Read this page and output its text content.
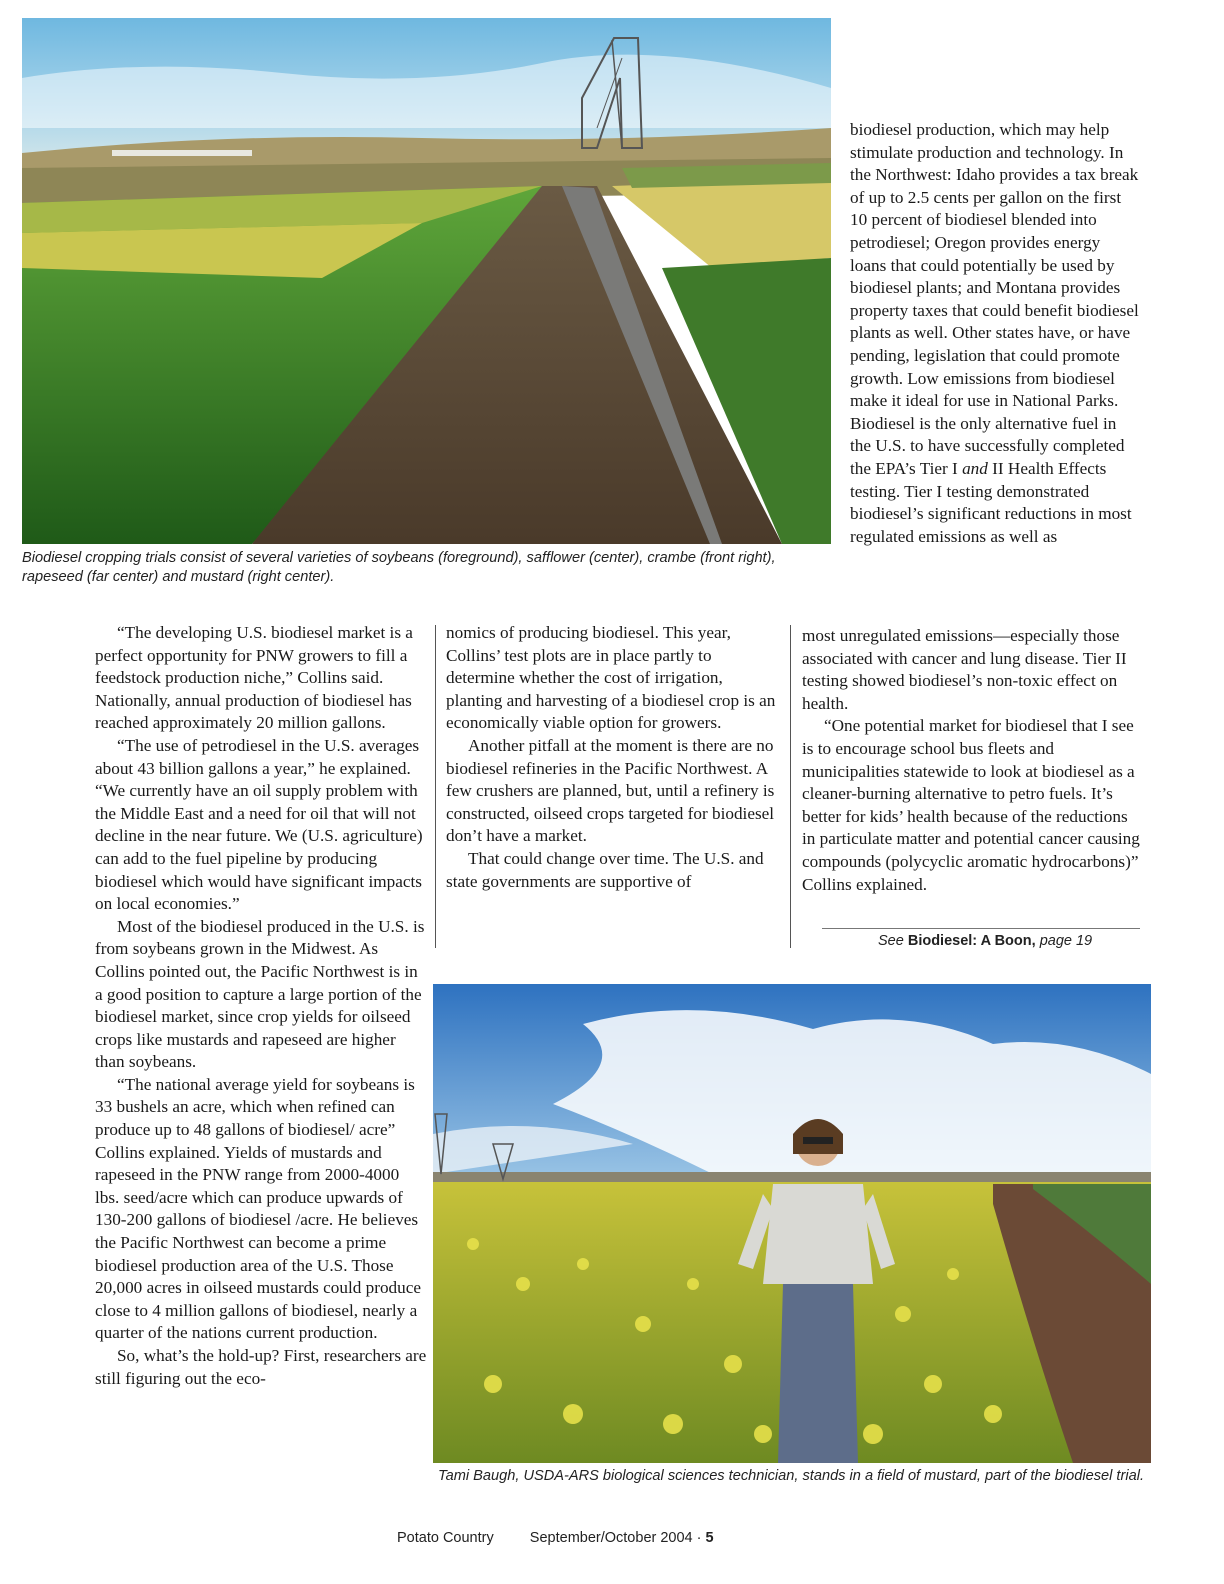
Biodiesel cropping trials consist of several varieties of soybeans (foreground), safflower (center), crambe (front right), rapeseed (far center) and mustard (right center).

“The developing U.S. biodiesel market is a perfect opportunity for PNW growers to fill a feedstock production niche,” Collins said. Nationally, annual production of biodiesel has reached approximately 20 million gallons.

“The use of petrodiesel in the U.S. averages about 43 billion gallons a year,” he explained. “We currently have an oil supply problem with the Middle East and a need for oil that will not decline in the near future. We (U.S. agriculture) can add to the fuel pipeline by producing biodiesel which would have significant impacts on local economies.”

Most of the biodiesel produced in the U.S. is from soybeans grown in the Midwest. As Collins pointed out, the Pacific Northwest is in a good position to capture a large portion of the biodiesel market, since crop yields for oilseed crops like mustards and rapeseed are higher than soybeans.

“The national average yield for soybeans is 33 bushels an acre, which when refined can produce up to 48 gallons of biodiesel/ acre” Collins explained. Yields of mustards and rapeseed in the PNW range from 2000-4000 lbs. seed/acre which can produce upwards of 130-200 gallons of biodiesel /acre. He believes the Pacific Northwest can become a prime biodiesel production area of the U.S. Those 20,000 acres in oilseed mustards could produce close to 4 million gallons of biodiesel, nearly a quarter of the nations current production.

So, what’s the hold-up? First, researchers are still figuring out the eco-

nomics of producing biodiesel. This year, Collins’ test plots are in place partly to determine whether the cost of irrigation, planting and harvesting of a biodiesel crop is an economically viable option for growers.

Another pitfall at the moment is there are no biodiesel refineries in the Pacific Northwest. A few crushers are planned, but, until a refinery is constructed, oilseed crops targeted for biodiesel don’t have a market.

That could change over time. The U.S. and state governments are supportive of

biodiesel production, which may help stimulate production and technology. In the Northwest: Idaho provides a tax break of up to 2.5 cents per gallon on the first 10 percent of biodiesel blended into petrodiesel; Oregon provides energy loans that could potentially be used by biodiesel plants; and Montana provides property taxes that could benefit biodiesel plants as well. Other states have, or have pending, legislation that could promote growth. Low emissions from biodiesel make it ideal for use in National Parks. Biodiesel is the only alternative fuel in the U.S. to have successfully completed the EPA’s Tier I and II Health Effects testing. Tier I testing demonstrated biodiesel’s significant reductions in most regulated emissions as well as

most unregulated emissions—especially those associated with cancer and lung disease. Tier II testing showed biodiesel’s non-toxic effect on health.

“One potential market for biodiesel that I see is to encourage school bus fleets and municipalities statewide to look at biodiesel as a cleaner-burning alternative to petro fuels. It’s better for kids’ health because of the reductions in particulate matter and potential cancer causing compounds (polycyclic aromatic hydrocarbons)” Collins explained.

See Biodiesel: A Boon, page 19
Tami Baugh, USDA-ARS biological sciences technician, stands in a field of mustard, part of the biodiesel trial.
Potato Country September/October 2004 · 5
